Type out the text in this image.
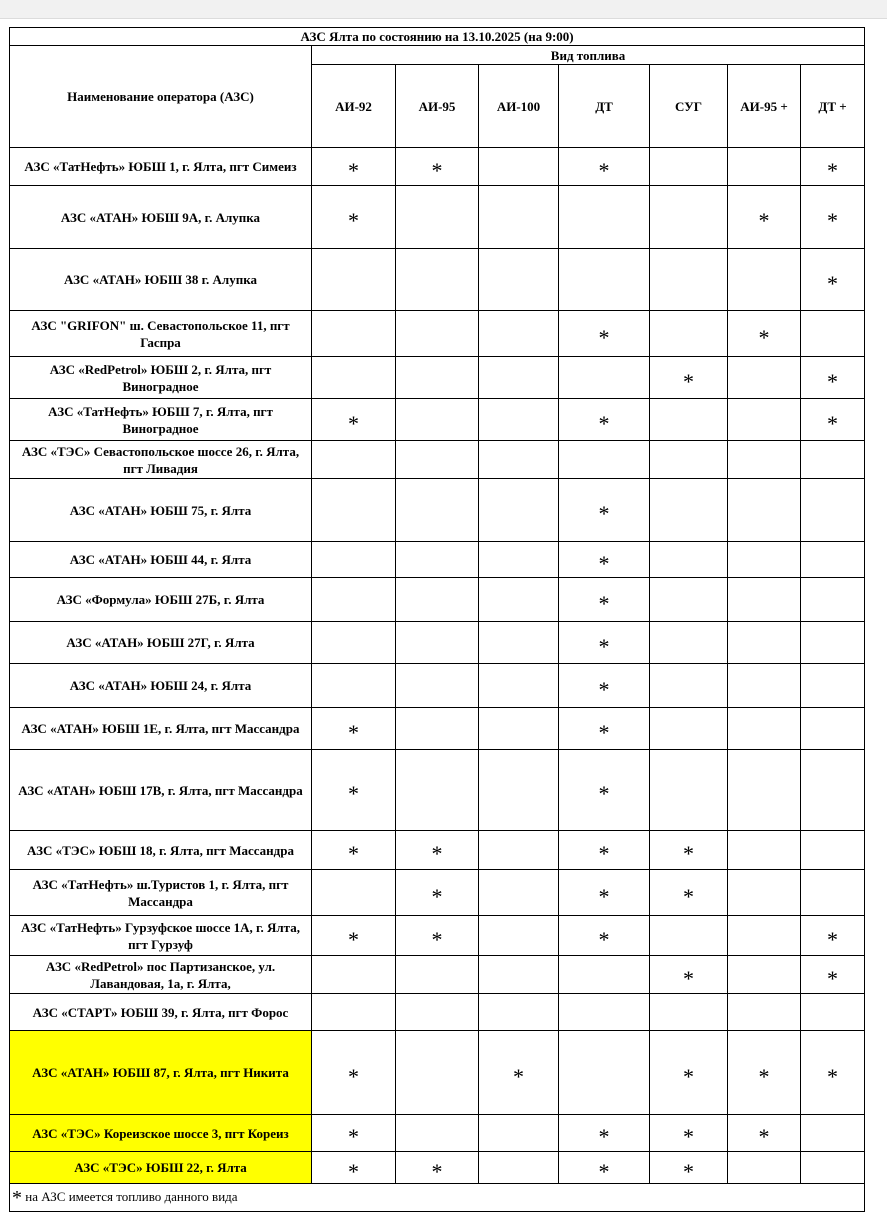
АЗС Ялта по состоянию на 13.10.2025 (на 9:00)							
Наименование оператора (АЗС)	Вид топлива						
	АИ-92	АИ-95	АИ-100	ДТ	СУГ	АИ-95 +	ДТ +
АЗС «ТатНефть» ЮБШ 1, г. Ялта, пгт Симеиз	*	*		*			*
АЗС «АТАН» ЮБШ 9А, г. Алупка	*					*	*
АЗС «АТАН» ЮБШ 38 г. Алупка							*
АЗС "GRIFON" ш. Севастопольское 11, пгт Гаспра				*		*	
АЗС «RedPetrol» ЮБШ 2, г. Ялта, пгт Виноградное					*		*
АЗС «ТатНефть» ЮБШ 7, г. Ялта, пгт Виноградное	*			*			*
АЗС «ТЭС» Севастопольское шоссе 26, г. Ялта, пгт Ливадия							
АЗС «АТАН» ЮБШ 75, г. Ялта				*			
АЗС «АТАН» ЮБШ 44, г. Ялта				*			
АЗС «Формула» ЮБШ 27Б, г. Ялта				*			
АЗС «АТАН» ЮБШ 27Г, г. Ялта				*			
АЗС «АТАН» ЮБШ 24, г. Ялта				*			
АЗС «АТАН» ЮБШ 1Е, г. Ялта, пгт Массандра	*			*			
АЗС «АТАН» ЮБШ 17В, г. Ялта, пгт Массандра	*			*			
АЗС «ТЭС» ЮБШ 18, г. Ялта, пгт Массандра	*	*		*	*		
АЗС «ТатНефть» ш.Туристов 1, г. Ялта, пгт Массандра		*		*	*		
АЗС «ТатНефть» Гурзуфское шоссе 1А, г. Ялта, пгт Гурзуф	*	*		*			*
АЗС «RedPetrol» пос Партизанское, ул. Лавандовая, 1а, г. Ялта,					*		*
АЗС «СТАРТ» ЮБШ 39, г. Ялта, пгт Форос							
АЗС «АТАН» ЮБШ 87, г. Ялта, пгт Никита	*		*		*	*	*
АЗС «ТЭС» Кореизское шоссе 3, пгт Кореиз	*			*	*	*	
АЗС «ТЭС» ЮБШ 22, г. Ялта	*	*		*	*		
* на АЗС имеется топливо данного вида							
